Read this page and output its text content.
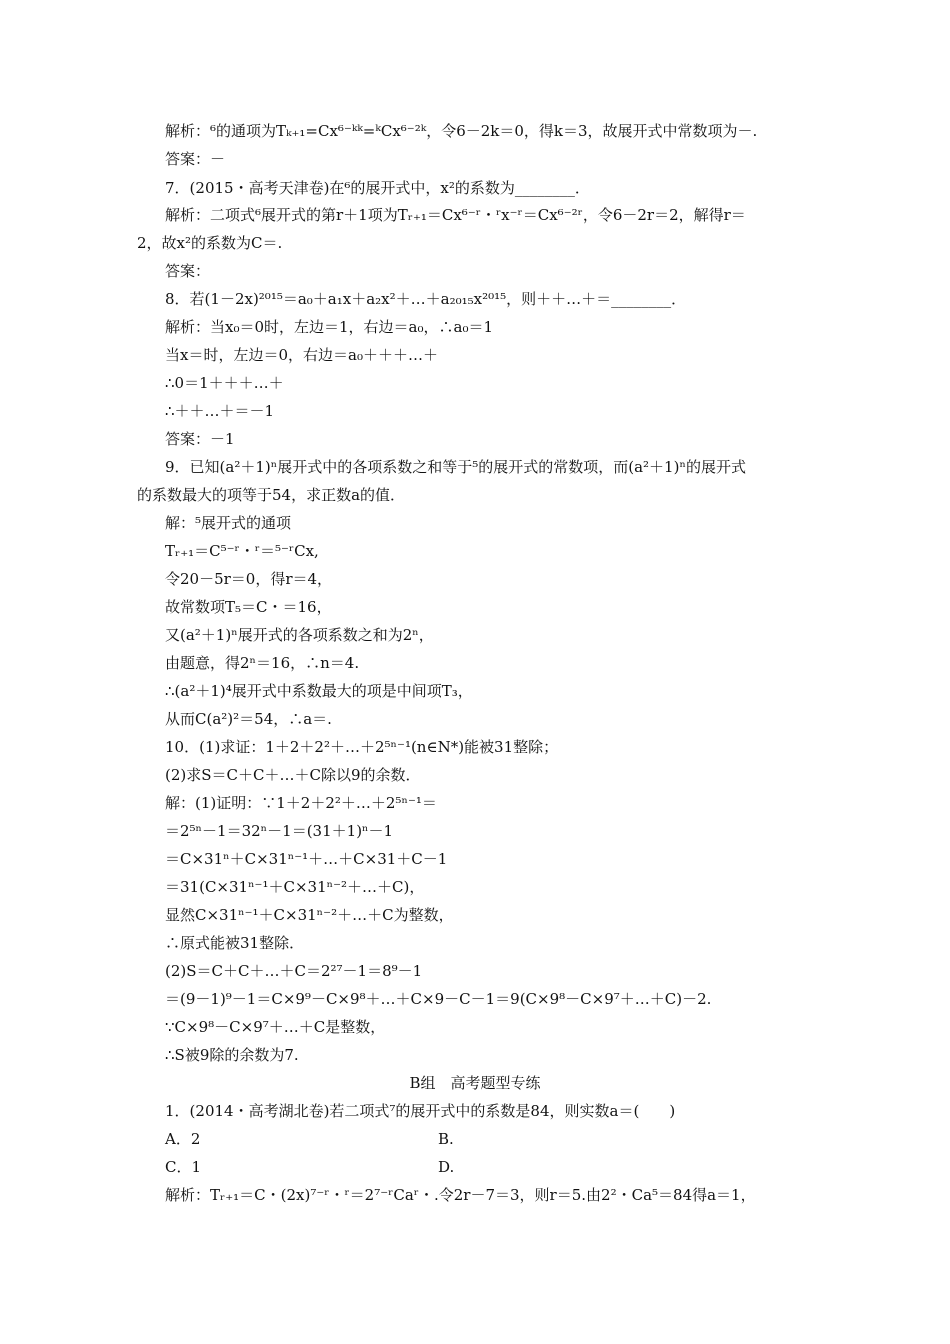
解析：⁶的通项为Tₖ₊₁=Cx⁶⁻ᵏᵏ=ᵏCx⁶⁻²ᵏ，令6－2k＝0，得k＝3，故展开式中常数项为－.
答案：－
7．(2015・高考天津卷)在⁶的展开式中，x²的系数为________．
解析：二项式⁶展开式的第r＋1项为Tᵣ₊₁＝Cx⁶⁻ʳ・ʳx⁻ʳ＝Cx⁶⁻²ʳ，令6－2r＝2，解得r＝
2，故x²的系数为C＝.
答案：
8．若(1－2x)²⁰¹⁵＝a₀＋a₁x＋a₂x²＋…＋a₂₀₁₅x²⁰¹⁵，则＋＋…＋＝________．
解析：当x₀＝0时，左边＝1，右边＝a₀，∴a₀＝1
当x＝时，左边＝0，右边＝a₀＋＋＋…＋
∴0＝1＋＋＋…＋
∴＋＋…＋＝－1
答案：－1
9．已知(a²＋1)ⁿ展开式中的各项系数之和等于⁵的展开式的常数项，而(a²＋1)ⁿ的展开式
的系数最大的项等于54，求正数a的值．
解：⁵展开式的通项
Tᵣ₊₁＝C⁵⁻ʳ・ʳ＝⁵⁻ʳCx,
令20－5r＝0，得r＝4，
故常数项T₅＝C・＝16，
又(a²＋1)ⁿ展开式的各项系数之和为2ⁿ，
由题意，得2ⁿ＝16，∴n＝4.
∴(a²＋1)⁴展开式中系数最大的项是中间项T₃，
从而C(a²)²＝54，∴a＝.
10．(1)求证：1＋2＋2²＋…＋2⁵ⁿ⁻¹(n∈N*)能被31整除；
(2)求S＝C＋C＋…＋C除以9的余数．
解：(1)证明：∵1＋2＋2²＋…＋2⁵ⁿ⁻¹＝
＝2⁵ⁿ－1＝32ⁿ－1＝(31＋1)ⁿ－1
＝C×31ⁿ＋C×31ⁿ⁻¹＋…＋C×31＋C－1
＝31(C×31ⁿ⁻¹＋C×31ⁿ⁻²＋…＋C)，
显然C×31ⁿ⁻¹＋C×31ⁿ⁻²＋…＋C为整数，
∴原式能被31整除．
(2)S＝C＋C＋…＋C＝2²⁷－1＝8⁹－1
＝(9－1)⁹－1＝C×9⁹－C×9⁸＋…＋C×9－C－1＝9(C×9⁸－C×9⁷＋…＋C)－2.
∵C×9⁸－C×9⁷＋…＋C是整数，
∴S被9除的余数为7.
B组　高考题型专练
1．(2014・高考湖北卷)若二项式⁷的展开式中的系数是84，则实数a＝(　　)
A．2	B.
C．1	D.
解析：Tᵣ₊₁＝C・(2x)⁷⁻ʳ・ʳ＝2⁷⁻ʳCaʳ・.令2r－7＝3，则r＝5.由2²・Ca⁵＝84得a＝1，
